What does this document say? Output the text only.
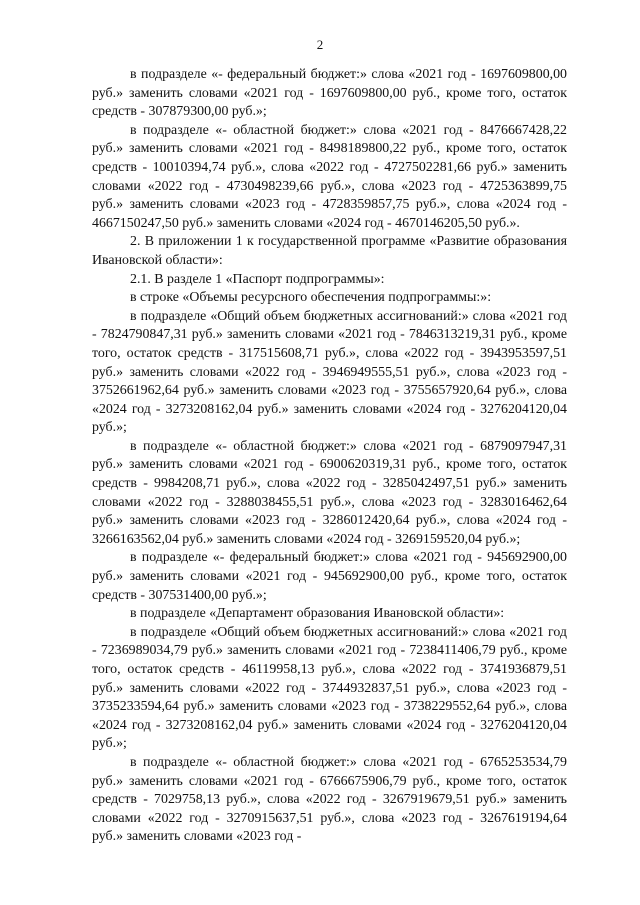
2

в подразделе «- федеральный бюджет:» слова «2021 год - 1697609800,00 руб.» заменить словами «2021 год - 1697609800,00 руб., кроме того, остаток средств - 307879300,00 руб.»;

в подразделе «- областной бюджет:» слова «2021 год - 8476667428,22 руб.» заменить словами «2021 год - 8498189800,22 руб., кроме того, остаток средств - 10010394,74 руб.», слова «2022 год - 4727502281,66 руб.» заменить словами «2022 год - 4730498239,66 руб.», слова «2023 год - 4725363899,75 руб.» заменить словами «2023 год - 4728359857,75 руб.», слова «2024 год - 4667150247,50 руб.» заменить словами «2024 год - 4670146205,50 руб.».

2. В приложении 1 к государственной программе «Развитие образования Ивановской области»:

2.1. В разделе 1 «Паспорт подпрограммы»:

в строке «Объемы ресурсного обеспечения подпрограммы:»:

в подразделе «Общий объем бюджетных ассигнований:» слова «2021 год - 7824790847,31 руб.» заменить словами «2021 год - 7846313219,31 руб., кроме того, остаток средств - 317515608,71 руб.», слова «2022 год - 3943953597,51 руб.» заменить словами «2022 год - 3946949555,51 руб.», слова «2023 год - 3752661962,64 руб.» заменить словами «2023 год - 3755657920,64 руб.», слова «2024 год - 3273208162,04 руб.» заменить словами «2024 год - 3276204120,04 руб.»;

в подразделе «- областной бюджет:» слова «2021 год - 6879097947,31 руб.» заменить словами «2021 год - 6900620319,31 руб., кроме того, остаток средств - 9984208,71 руб.», слова «2022 год - 3285042497,51 руб.» заменить словами «2022 год - 3288038455,51 руб.», слова «2023 год - 3283016462,64 руб.» заменить словами «2023 год - 3286012420,64 руб.», слова «2024 год - 3266163562,04 руб.» заменить словами «2024 год - 3269159520,04 руб.»;

в подразделе «- федеральный бюджет:» слова «2021 год - 945692900,00 руб.» заменить словами «2021 год - 945692900,00 руб., кроме того, остаток средств - 307531400,00 руб.»;

в подразделе «Департамент образования Ивановской области»:

в подразделе «Общий объем бюджетных ассигнований:» слова «2021 год - 7236989034,79 руб.» заменить словами «2021 год - 7238411406,79 руб., кроме того, остаток средств - 46119958,13 руб.», слова «2022 год - 3741936879,51 руб.» заменить словами «2022 год - 3744932837,51 руб.», слова «2023 год - 3735233594,64 руб.» заменить словами «2023 год - 3738229552,64 руб.», слова «2024 год - 3273208162,04 руб.» заменить словами «2024 год - 3276204120,04 руб.»;

в подразделе «- областной бюджет:» слова «2021 год - 6765253534,79 руб.» заменить словами «2021 год - 6766675906,79 руб., кроме того, остаток средств - 7029758,13 руб.», слова «2022 год - 3267919679,51 руб.» заменить словами «2022 год - 3270915637,51 руб.», слова «2023 год - 3267619194,64 руб.» заменить словами «2023 год -
